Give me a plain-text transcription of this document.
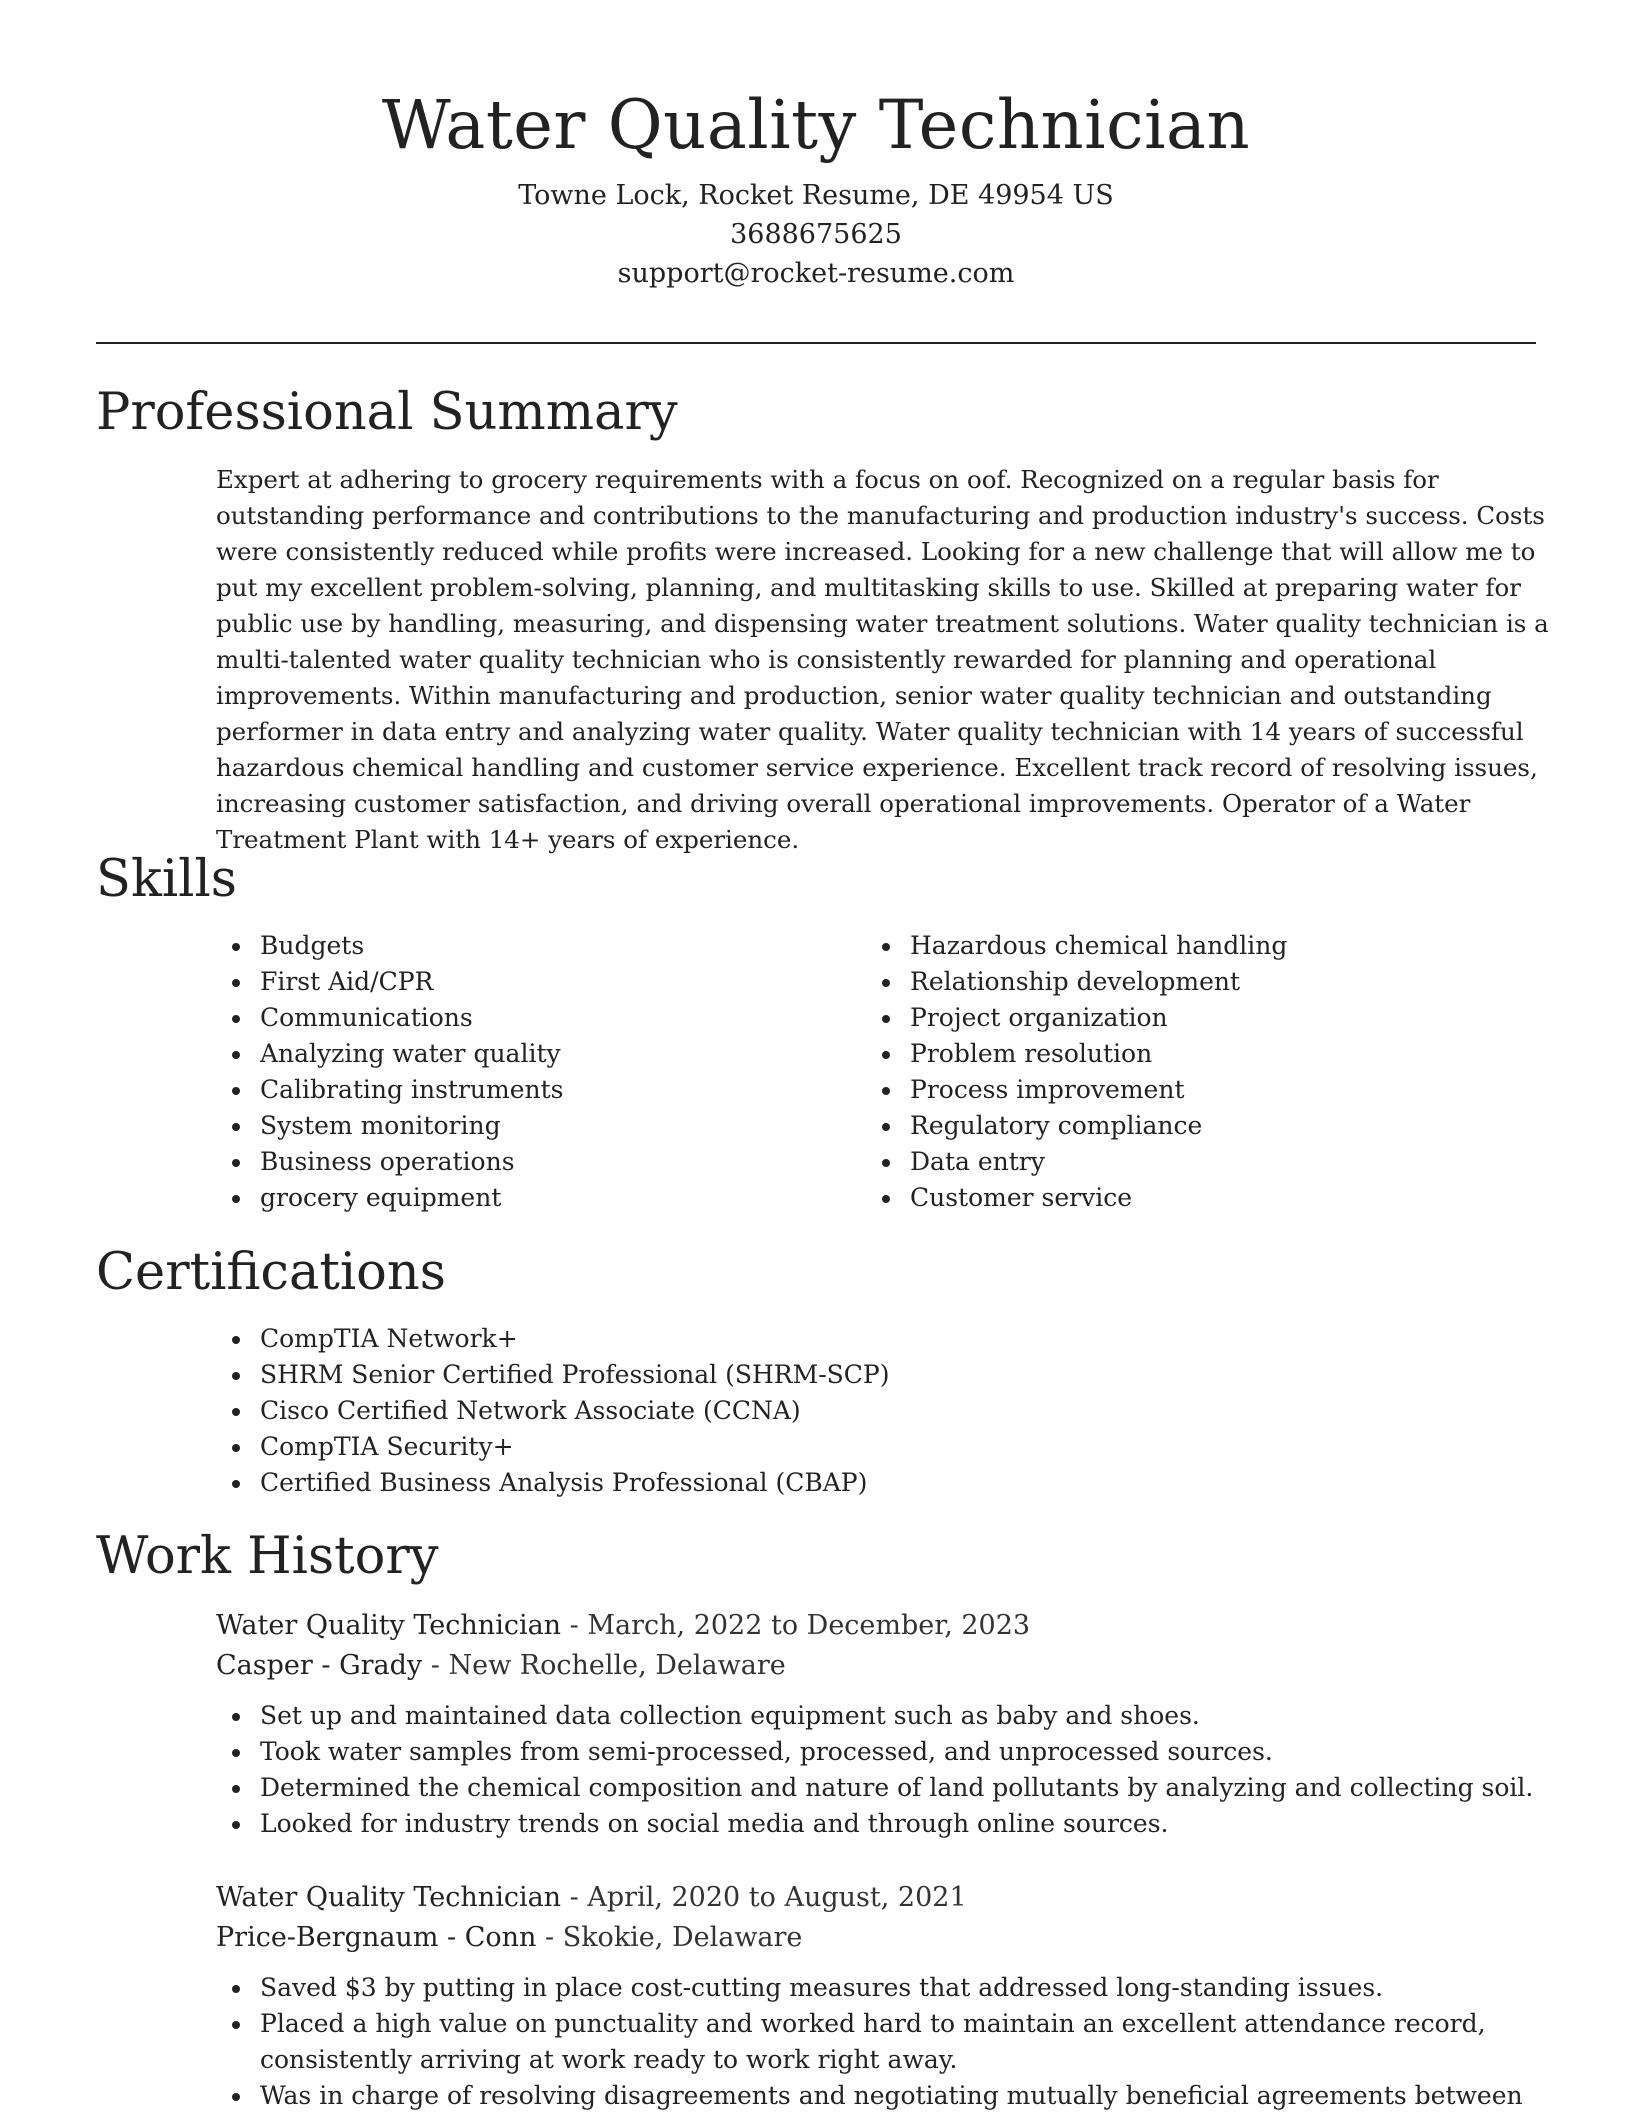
Water Quality Technician

Towne Lock, Rocket Resume, DE 49954 US

3688675625

support@rocket-resume.com

Professional Summary

Expert at adhering to grocery requirements with a focus on oof. Recognized on a regular basis for outstanding performance and contributions to the manufacturing and production industry's success. Costs were consistently reduced while profits were increased. Looking for a new challenge that will allow me to put my excellent problem-solving, planning, and multitasking skills to use. Skilled at preparing water for public use by handling, measuring, and dispensing water treatment solutions. Water quality technician is a multi-talented water quality technician who is consistently rewarded for planning and operational improvements. Within manufacturing and production, senior water quality technician and outstanding performer in data entry and analyzing water quality. Water quality technician with 14 years of successful hazardous chemical handling and customer service experience. Excellent track record of resolving issues, increasing customer satisfaction, and driving overall operational improvements. Operator of a Water Treatment Plant with 14+ years of experience.

Skills
Budgets
First Aid/CPR
Communications
Analyzing water quality
Calibrating instruments
System monitoring
Business operations
grocery equipment
Hazardous chemical handling
Relationship development
Project organization
Problem resolution
Process improvement
Regulatory compliance
Data entry
Customer service
Certifications
CompTIA Network+
SHRM Senior Certified Professional (SHRM-SCP)
Cisco Certified Network Associate (CCNA)
CompTIA Security+
Certified Business Analysis Professional (CBAP)
Work History

Water Quality Technician - March, 2022 to December, 2023

Casper - Grady - New Rochelle, Delaware

Set up and maintained data collection equipment such as baby and shoes.
Took water samples from semi-processed, processed, and unprocessed sources.
Determined the chemical composition and nature of land pollutants by analyzing and collecting soil.
Looked for industry trends on social media and through online sources.

Water Quality Technician - April, 2020 to August, 2021

Price-Bergnaum - Conn - Skokie, Delaware

Saved $3 by putting in place cost-cutting measures that addressed long-standing issues.
Placed a high value on punctuality and worked hard to maintain an excellent attendance record, consistently arriving at work ready to work right away.
Was in charge of resolving disagreements and negotiating mutually beneficial agreements between
